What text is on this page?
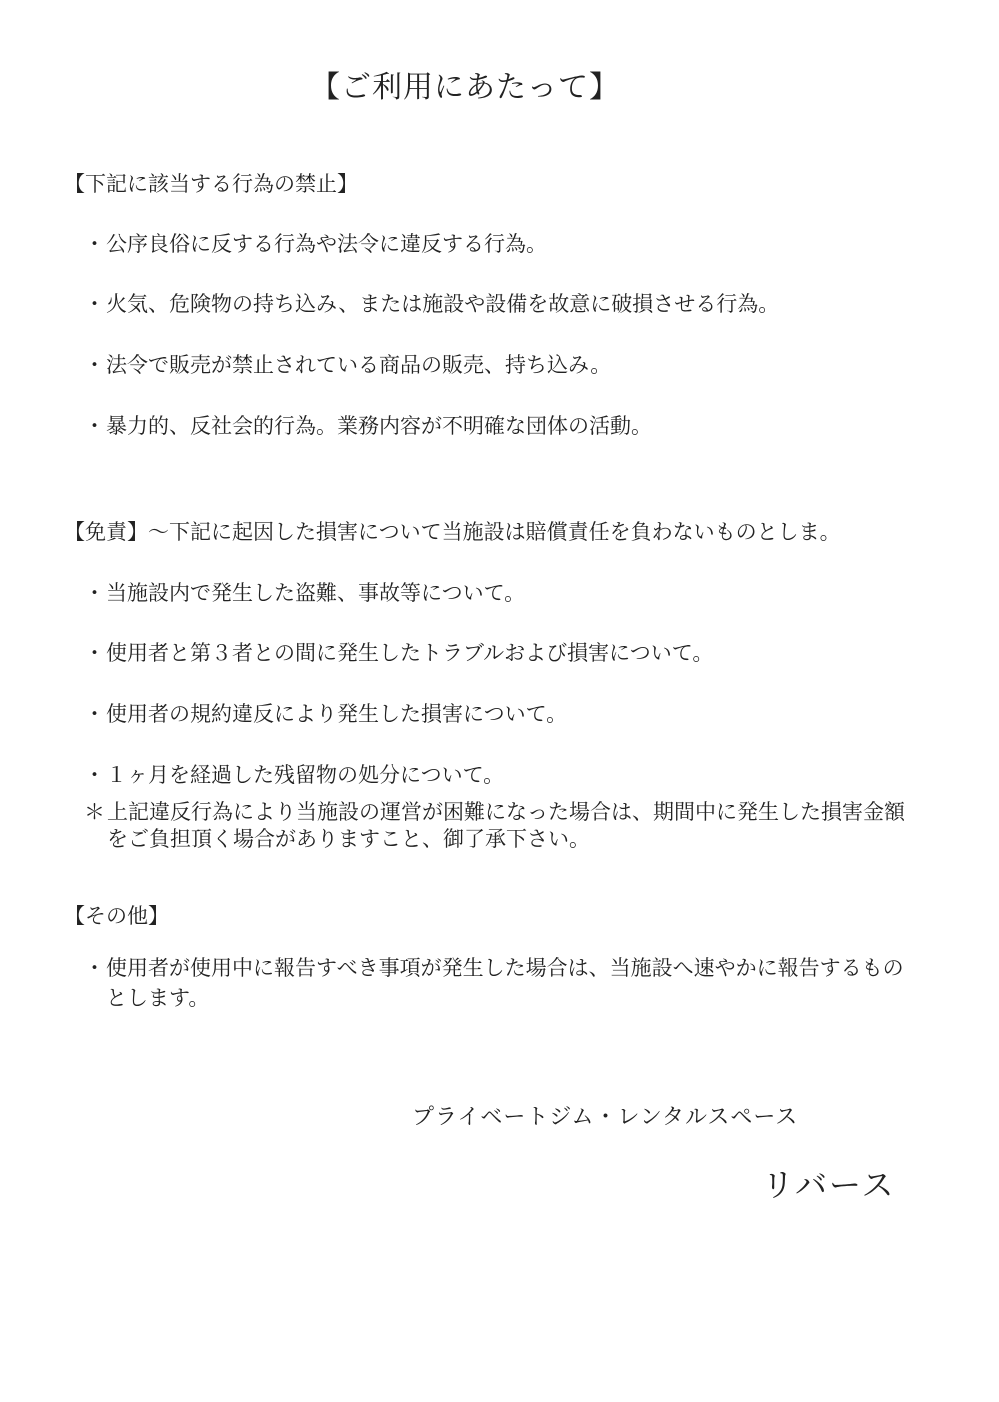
【ご利用にあたって】
【下記に該当する行為の禁止】
・公序良俗に反する行為や法令に違反する行為。
・火気、危険物の持ち込み、または施設や設備を故意に破損させる行為。
・法令で販売が禁止されている商品の販売、持ち込み。
・暴力的、反社会的行為。業務内容が不明確な団体の活動。
【免責】～下記に起因した損害について当施設は賠償責任を負わないものとしま。
・当施設内で発生した盗難、事故等について。
・使用者と第３者との間に発生したトラブルおよび損害について。
・使用者の規約違反により発生した損害について。
・１ヶ月を経過した残留物の処分について。
＊ 上記違反行為により当施設の運営が困難になった場合は、期間中に発生した損害金額をご負担頂く場合がありますこと、御了承下さい。
【その他】
・ 使用者が使用中に報告すべき事項が発生した場合は、当施設へ速やかに報告するものとします。

プライベートジム・レンタルスペース

リバース
